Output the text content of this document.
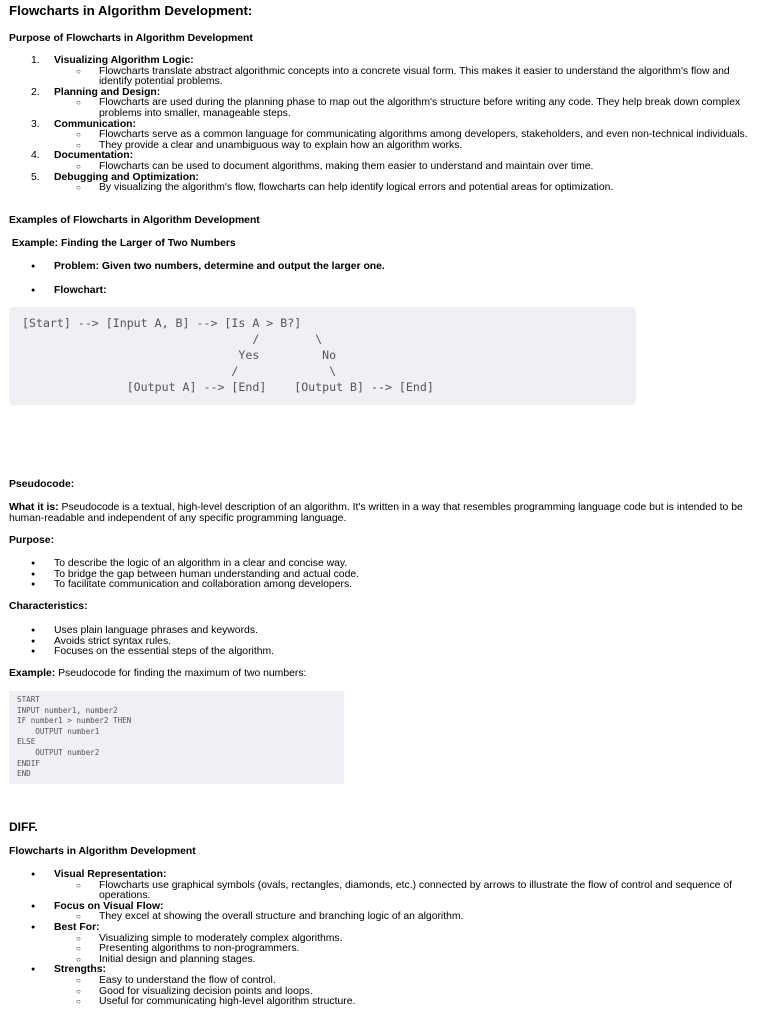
Flowcharts in Algorithm Development:
Purpose of Flowcharts in Algorithm Development
1. Visualizing Algorithm Logic:
○ Flowcharts translate abstract algorithmic concepts into a concrete visual form. This makes it easier to understand the algorithm's flow and identify potential problems.
2. Planning and Design:
○ Flowcharts are used during the planning phase to map out the algorithm's structure before writing any code. They help break down complex problems into smaller, manageable steps.
3. Communication:
○ Flowcharts serve as a common language for communicating algorithms among developers, stakeholders, and even non-technical individuals.
○ They provide a clear and unambiguous way to explain how an algorithm works.
4. Documentation:
○ Flowcharts can be used to document algorithms, making them easier to understand and maintain over time.
5. Debugging and Optimization:
○ By visualizing the algorithm's flow, flowcharts can help identify logical errors and potential areas for optimization.
Examples of Flowcharts in Algorithm Development
Example: Finding the Larger of Two Numbers
● Problem: Given two numbers, determine and output the larger one.
● Flowchart:
[Start] --> [Input A, B] --> [Is A > B?]
/        \
Yes         No
/             \
[Output A] --> [End]    [Output B] --> [End]
Pseudocode:
What it is: Pseudocode is a textual, high-level description of an algorithm. It's written in a way that resembles programming language code but is intended to be human-readable and independent of any specific programming language.
Purpose:
● To describe the logic of an algorithm in a clear and concise way.
● To bridge the gap between human understanding and actual code.
● To facilitate communication and collaboration among developers.
Characteristics:
● Uses plain language phrases and keywords.
● Avoids strict syntax rules.
● Focuses on the essential steps of the algorithm.
Example: Pseudocode for finding the maximum of two numbers:
START
INPUT number1, number2
IF number1 > number2 THEN
OUTPUT number1
ELSE
OUTPUT number2
ENDIF
END
DIFF.
Flowcharts in Algorithm Development
● Visual Representation:
○ Flowcharts use graphical symbols (ovals, rectangles, diamonds, etc.) connected by arrows to illustrate the flow of control and sequence of operations.
● Focus on Visual Flow:
○ They excel at showing the overall structure and branching logic of an algorithm.
● Best For:
○ Visualizing simple to moderately complex algorithms.
○ Presenting algorithms to non-programmers.
○ Initial design and planning stages.
● Strengths:
○ Easy to understand the flow of control.
○ Good for visualizing decision points and loops.
○ Useful for communicating high-level algorithm structure.
